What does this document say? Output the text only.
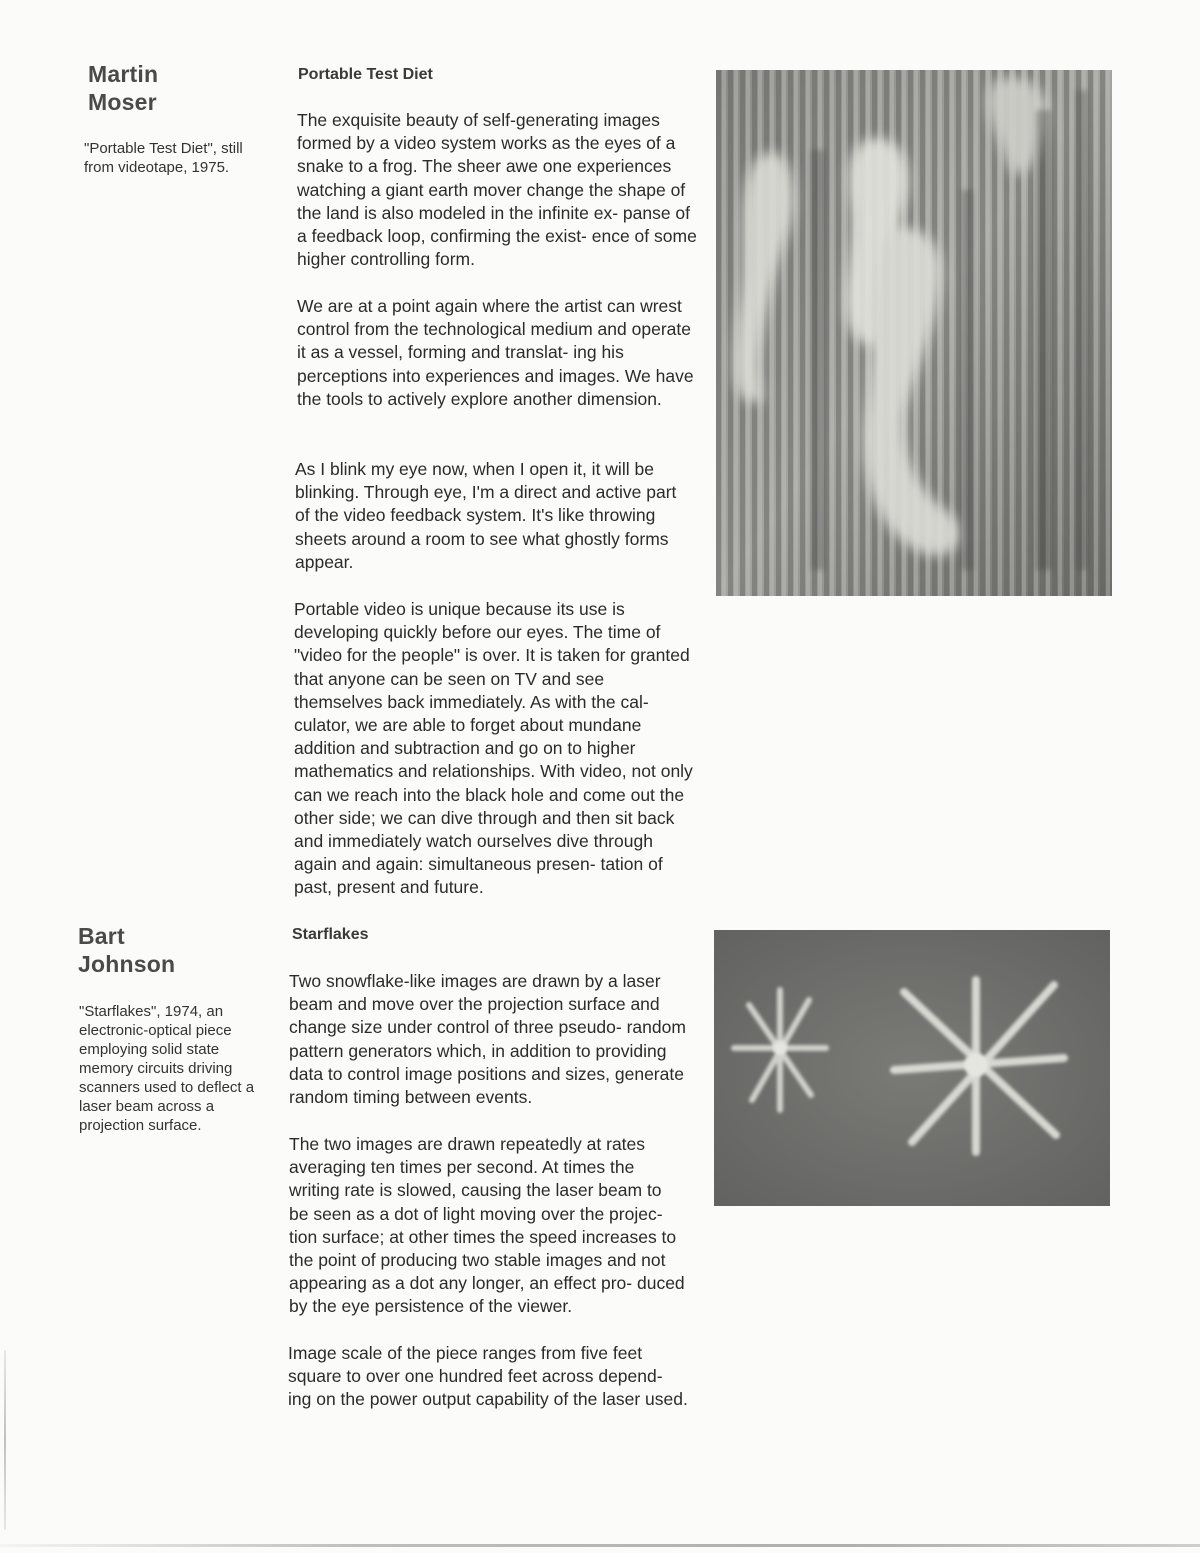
Martin
Moser
"Portable Test Diet", still from videotape, 1975.
Portable Test Diet

The exquisite beauty of self-generating images formed by a video system works as the eyes of a snake to a frog. The sheer awe one experiences watching a giant earth mover change the shape of the land is also modeled in the infinite ex- panse of a feedback loop, confirming the exist- ence of some higher controlling form.

We are at a point again where the artist can wrest control from the technological medium and operate it as a vessel, forming and translat- ing his perceptions into experiences and images. We have the tools to actively explore another dimension.

As I blink my eye now, when I open it, it will be blinking. Through eye, I'm a direct and active part of the video feedback system. It's like throwing sheets around a room to see what ghostly forms appear.

Portable video is unique because its use is developing quickly before our eyes. The time of "video for the people" is over. It is taken for granted that anyone can be seen on TV and see themselves back immediately. As with the cal- culator, we are able to forget about mundane addition and subtraction and go on to higher mathematics and relationships. With video, not only can we reach into the black hole and come out the other side; we can dive through and then sit back and immediately watch ourselves dive through again and again: simultaneous presen- tation of past, present and future.

Bart
Johnson
"Starflakes", 1974, an electronic-optical piece employing solid state memory circuits driving scanners used to deflect a laser beam across a projection surface.
Starflakes

Two snowflake-like images are drawn by a laser beam and move over the projection surface and change size under control of three pseudo- random pattern generators which, in addition to providing data to control image positions and sizes, generate random timing between events.

The two images are drawn repeatedly at rates averaging ten times per second. At times the writing rate is slowed, causing the laser beam to be seen as a dot of light moving over the projec- tion surface; at other times the speed increases to the point of producing two stable images and not appearing as a dot any longer, an effect pro- duced by the eye persistence of the viewer.

Image scale of the piece ranges from five feet square to over one hundred feet across depend- ing on the power output capability of the laser used.
